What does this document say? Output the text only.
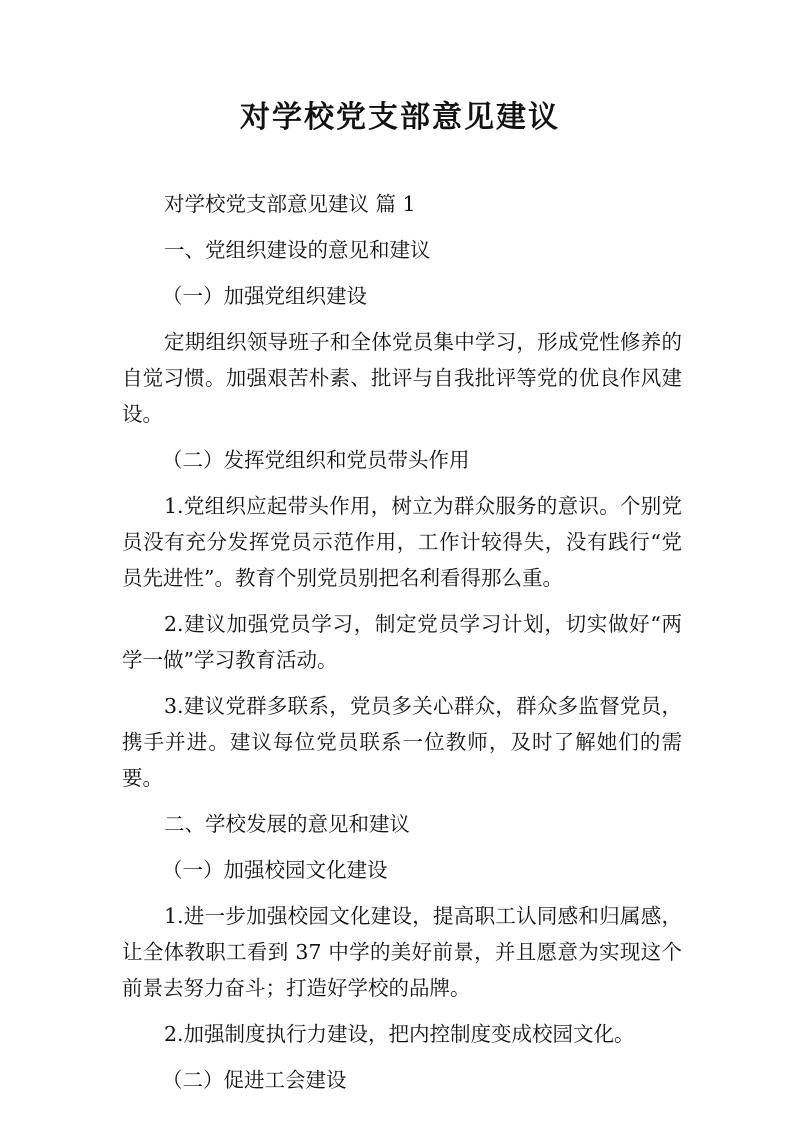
对学校党支部意见建议

对学校党支部意见建议 篇 1

一、党组织建设的意见和建议

（一）加强党组织建设

定期组织领导班子和全体党员集中学习，形成党性修养的自觉习惯。加强艰苦朴素、批评与自我批评等党的优良作风建设。

（二）发挥党组织和党员带头作用

1.党组织应起带头作用，树立为群众服务的意识。个别党员没有充分发挥党员示范作用，工作计较得失，没有践行“党员先进性”。教育个别党员别把名利看得那么重。

2.建议加强党员学习，制定党员学习计划，切实做好“两学一做”学习教育活动。

3.建议党群多联系，党员多关心群众，群众多监督党员，携手并进。建议每位党员联系一位教师，及时了解她们的需要。

二、学校发展的意见和建议

（一）加强校园文化建设

1.进一步加强校园文化建设，提高职工认同感和归属感，让全体教职工看到 37 中学的美好前景，并且愿意为实现这个前景去努力奋斗；打造好学校的品牌。

2.加强制度执行力建设，把内控制度变成校园文化。

（二）促进工会建设
